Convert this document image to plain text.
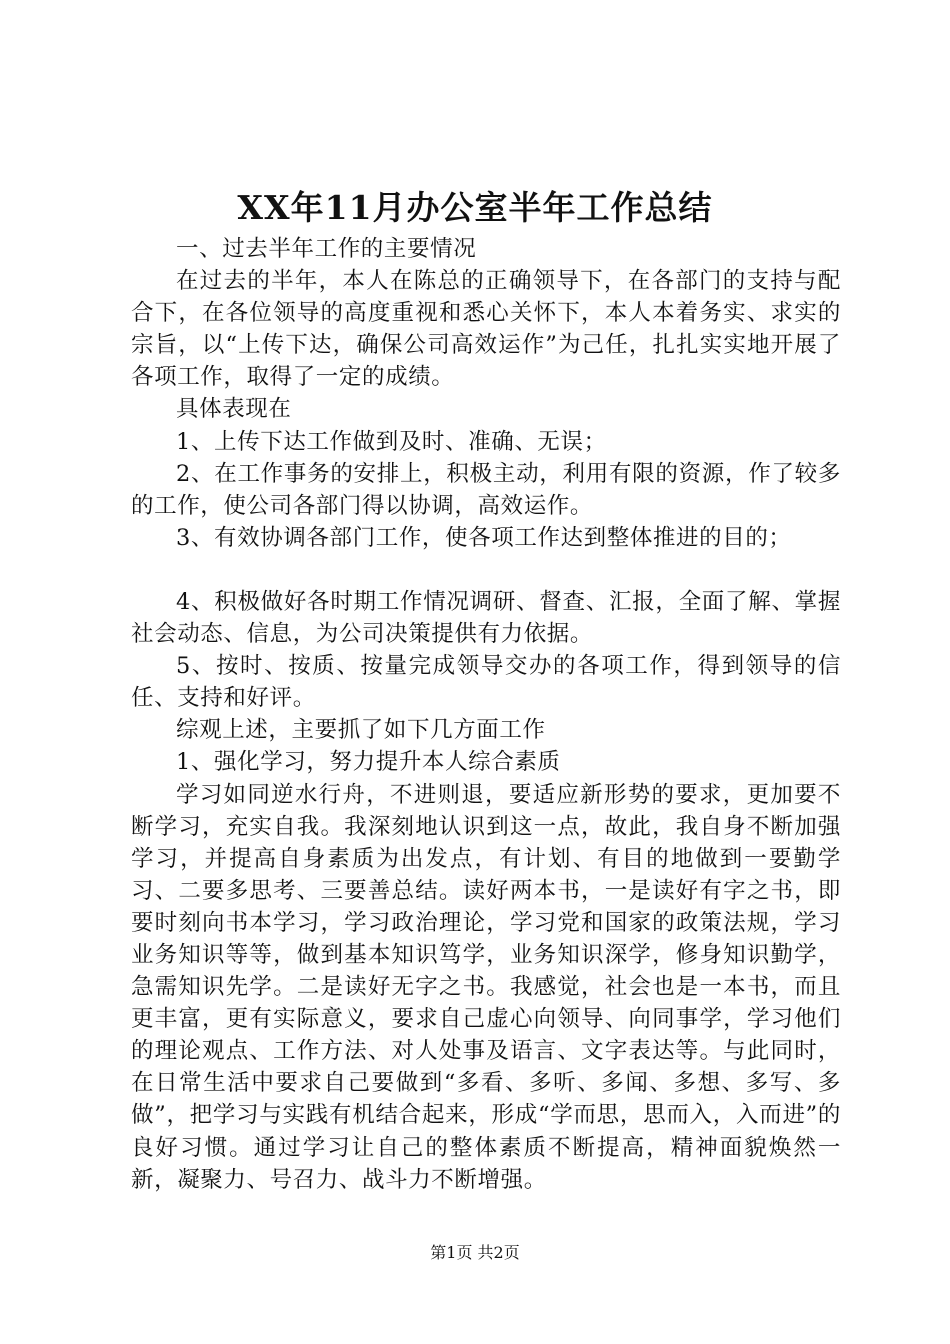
XX年11月办公室半年工作总结

一、过去半年工作的主要情况

在过去的半年，本人在陈总的正确领导下，在各部门的支持与配合下，在各位领导的高度重视和悉心关怀下，本人本着务实、求实的宗旨，以“上传下达，确保公司高效运作”为己任，扎扎实实地开展了各项工作，取得了一定的成绩。

具体表现在

1、上传下达工作做到及时、准确、无误；

2、在工作事务的安排上，积极主动，利用有限的资源，作了较多的工作，使公司各部门得以协调，高效运作。

3、有效协调各部门工作，使各项工作达到整体推进的目的；

4、积极做好各时期工作情况调研、督查、汇报，全面了解、掌握社会动态、信息，为公司决策提供有力依据。

5、按时、按质、按量完成领导交办的各项工作，得到领导的信任、支持和好评。

综观上述，主要抓了如下几方面工作

1、强化学习，努力提升本人综合素质

学习如同逆水行舟，不进则退，要适应新形势的要求，更加要不断学习，充实自我。我深刻地认识到这一点，故此，我自身不断加强学习，并提高自身素质为出发点，有计划、有目的地做到一要勤学习、二要多思考、三要善总结。读好两本书，一是读好有字之书，即要时刻向书本学习，学习政治理论，学习党和国家的政策法规，学习业务知识等等，做到基本知识笃学，业务知识深学，修身知识勤学，急需知识先学。二是读好无字之书。我感觉，社会也是一本书，而且更丰富，更有实际意义，要求自己虚心向领导、向同事学，学习他们的理论观点、工作方法、对人处事及语言、文字表达等。与此同时，在日常生活中要求自己要做到“多看、多听、多闻、多想、多写、多做”，把学习与实践有机结合起来，形成“学而思，思而入，入而进”的良好习惯。通过学习让自己的整体素质不断提高，精神面貌焕然一新，凝聚力、号召力、战斗力不断增强。

第1页 共2页
